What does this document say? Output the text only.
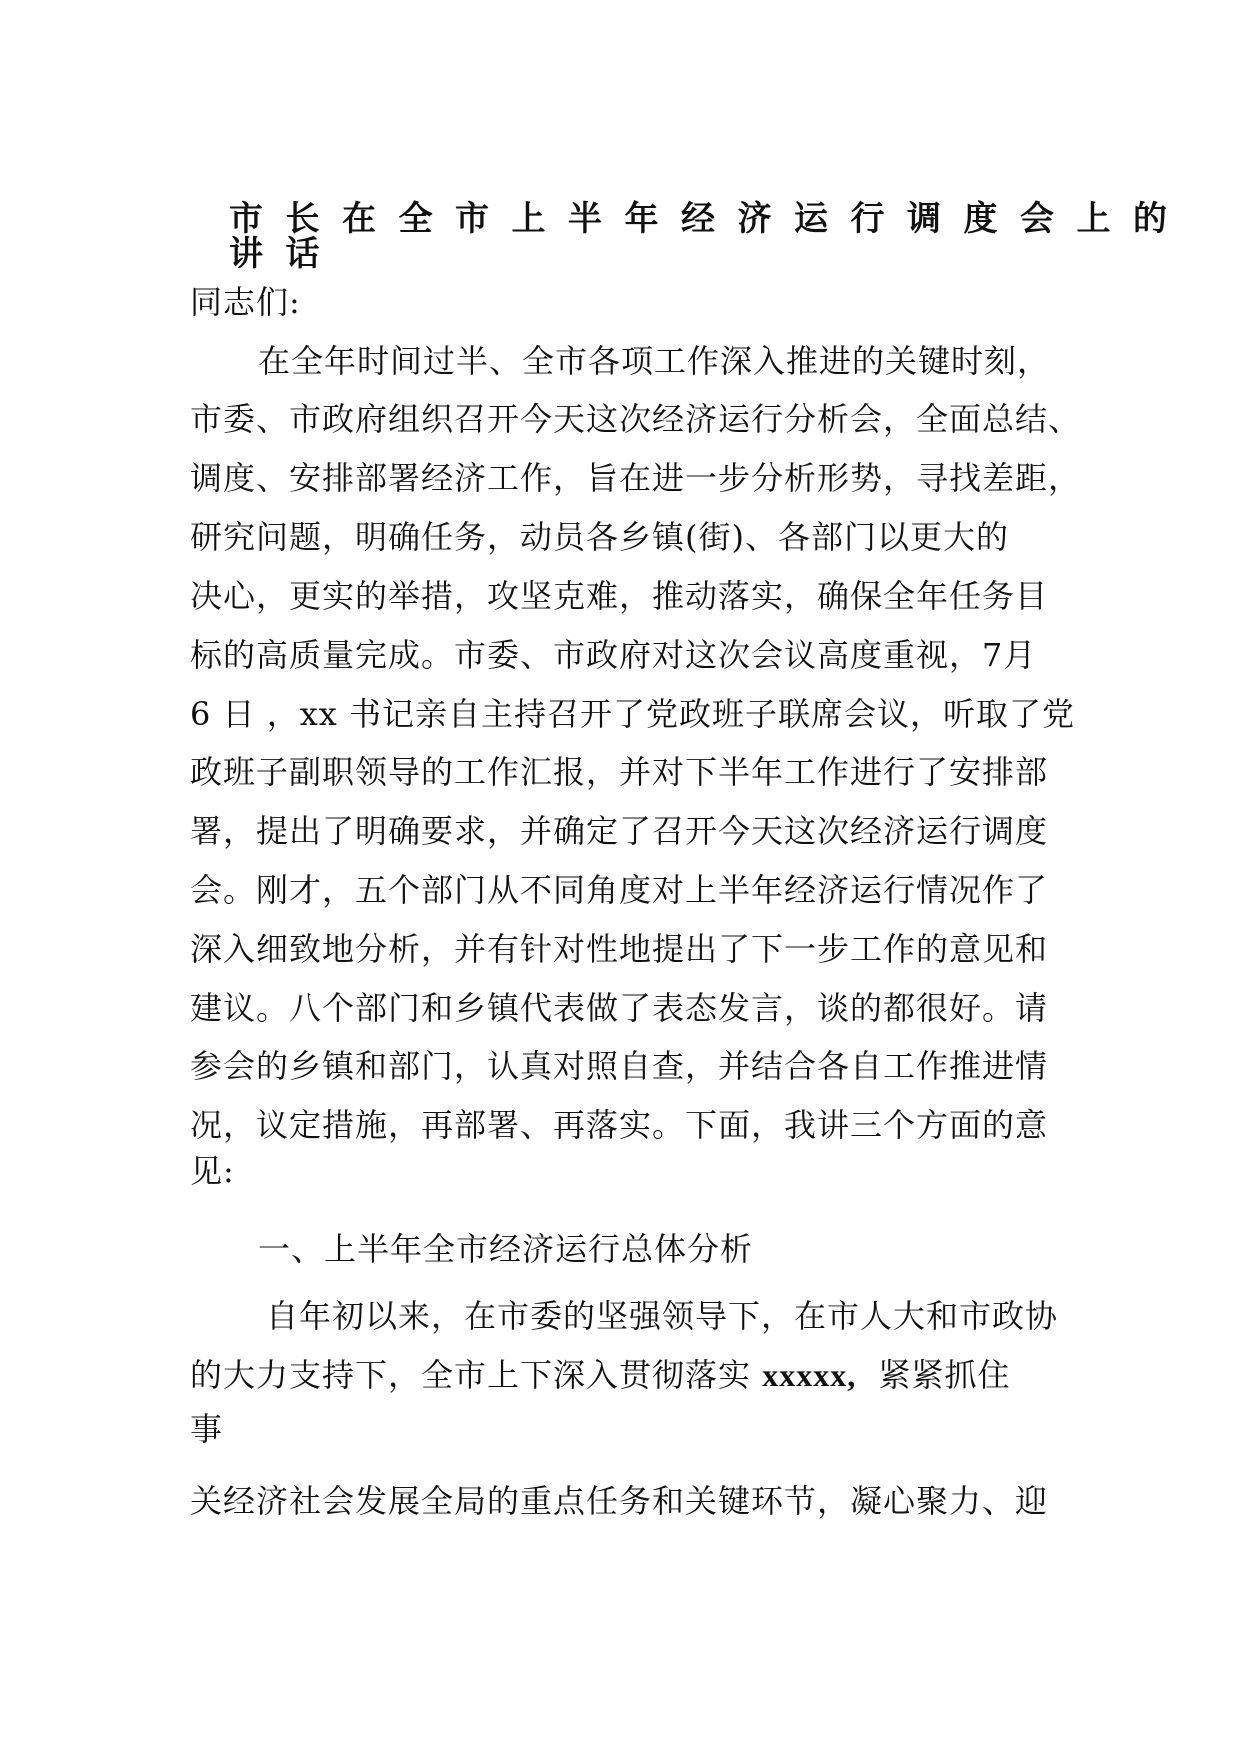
市长在全市上半年经济运行调度会上的
讲话
同志们:
在全年时间过半、全市各项工作深入推进的关键时刻，
市委、市政府组织召开今天这次经济运行分析会，全面总结、
调度、安排部署经济工作，旨在进一步分析形势，寻找差距，
研究问题，明确任务，动员各乡镇(街)、各部门以更大的
决心，更实的举措，攻坚克难，推动落实，确保全年任务目
标的高质量完成。市委、市政府对这次会议高度重视，7月
6 日 ，xx 书记亲自主持召开了党政班子联席会议，听取了党
政班子副职领导的工作汇报，并对下半年工作进行了安排部
署，提出了明确要求，并确定了召开今天这次经济运行调度
会。刚才，五个部门从不同角度对上半年经济运行情况作了
深入细致地分析，并有针对性地提出了下一步工作的意见和
建议。八个部门和乡镇代表做了表态发言，谈的都很好。请
参会的乡镇和部门，认真对照自查，并结合各自工作推进情
况，议定措施，再部署、再落实。下面，我讲三个方面的意
见:
一、上半年全市经济运行总体分析
自年初以来，在市委的坚强领导下，在市人大和市政协
的大力支持下，全市上下深入贯彻落实 xxxxx,  紧紧抓住
事
关经济社会发展全局的重点任务和关键环节，凝心聚力、迎
